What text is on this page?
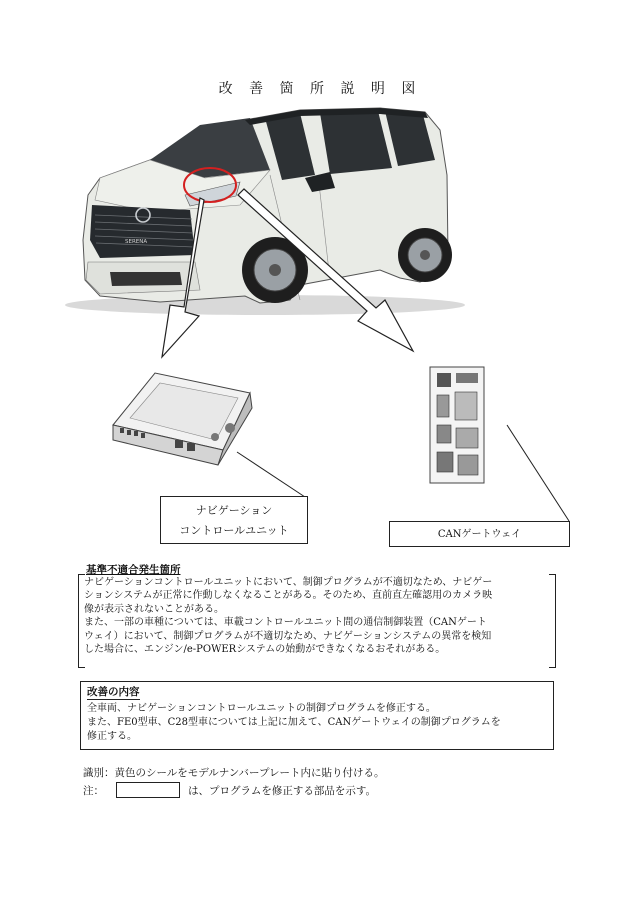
改 善 箇 所 説 明 図
SERENA
ナビゲーション
コントロールユニット	CANゲートウェイ
基準不適合発生箇所

ナビゲーションコントロールユニットにおいて、制御プログラムが不適切なため、ナビゲー

ションシステムが正常に作動しなくなることがある。そのため、直前直左確認用のカメラ映

像が表示されないことがある。

また、一部の車種については、車載コントロールユニット間の通信制御装置（CANゲート

ウェイ）において、制御プログラムが不適切なため、ナビゲーションシステムの異常を検知

した場合に、エンジン/e-POWERシステムの始動ができなくなるおそれがある。

改善の内容

全車両、ナビゲーションコントロールユニットの制御プログラムを修正する。

また、FE0型車、C28型車については上記に加えて、CANゲートウェイの制御プログラムを

修正する。

識別：黄色のシールをモデルナンバープレート内に貼り付ける。
注：	は、プログラムを修正する部品を示す。
